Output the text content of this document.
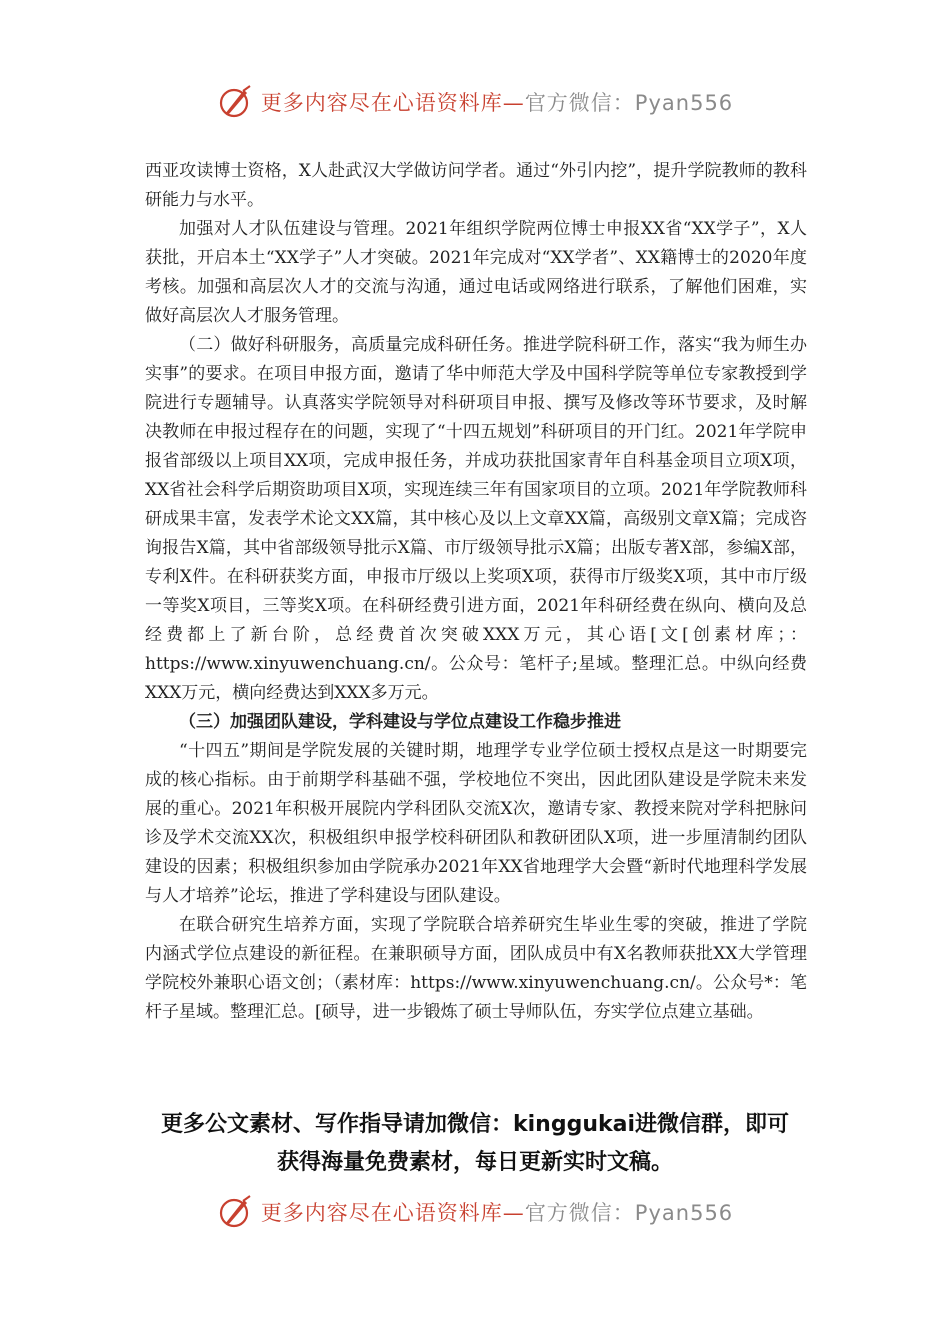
更多内容尽在心语资料库—官方微信：Pyan556

西亚攻读博士资格，X人赴武汉大学做访问学者。通过“外引内挖”，提升学院教师的教科研能力与水平。

加强对人才队伍建设与管理。2021年组织学院两位博士申报XX省“XX学子”，X人获批，开启本土“XX学子”人才突破。2021年完成对“XX学者”、XX籍博士的2020年度考核。加强和高层次人才的交流与沟通，通过电话或网络进行联系，了解他们困难，实做好高层次人才服务管理。

（二）做好科研服务，高质量完成科研任务。推进学院科研工作，落实“我为师生办实事”的要求。在项目申报方面，邀请了华中师范大学及中国科学院等单位专家教授到学院进行专题辅导。认真落实学院领导对科研项目申报、撰写及修改等环节要求，及时解决教师在申报过程存在的问题，实现了“十四五规划”科研项目的开门红。2021年学院申报省部级以上项目XX项，完成申报任务，并成功获批国家青年自科基金项目立项X项，XX省社会科学后期资助项目X项，实现连续三年有国家项目的立项。2021年学院教师科研成果丰富，发表学术论文XX篇，其中核心及以上文章XX篇，高级别文章X篇；完成咨询报告X篇，其中省部级领导批示X篇、市厅级领导批示X篇；出版专著X部，参编X部，专利X件。在科研获奖方面，申报市厅级以上奖项X项，获得市厅级奖X项，其中市厅级一等奖X项目，三等奖X项。在科研经费引进方面，2021年科研经费在纵向、横向及总经费都上了新台阶，总经费首次突破XXX万元，其心语[文[创素材库；：https://www.xinyuwenchuang.cn/。公众号：笔杆子;星域。整理汇总。中纵向经费XXX万元，横向经费达到XXX多万元。

（三）加强团队建设，学科建设与学位点建设工作稳步推进

“十四五”期间是学院发展的关键时期，地理学专业学位硕士授权点是这一时期要完成的核心指标。由于前期学科基础不强，学校地位不突出，因此团队建设是学院未来发展的重心。2021年积极开展院内学科团队交流X次，邀请专家、教授来院对学科把脉问诊及学术交流XX次，积极组织申报学校科研团队和教研团队X项，进一步厘清制约团队建设的因素；积极组织参加由学院承办2021年XX省地理学大会暨“新时代地理科学发展与人才培养”论坛，推进了学科建设与团队建设。

在联合研究生培养方面，实现了学院联合培养研究生毕业生零的突破，推进了学院内涵式学位点建设的新征程。在兼职硕导方面，团队成员中有X名教师获批XX大学管理学院校外兼职心语文创；（素材库：https://www.xinyuwenchuang.cn/。公众号*：笔杆子星域。整理汇总。[硕导，进一步锻炼了硕士导师队伍，夯实学位点建立基础。

更多公文素材、写作指导请加微信：kinggukai进微信群，即可
获得海量免费素材，每日更新实时文稿。
更多内容尽在心语资料库—官方微信：Pyan556
